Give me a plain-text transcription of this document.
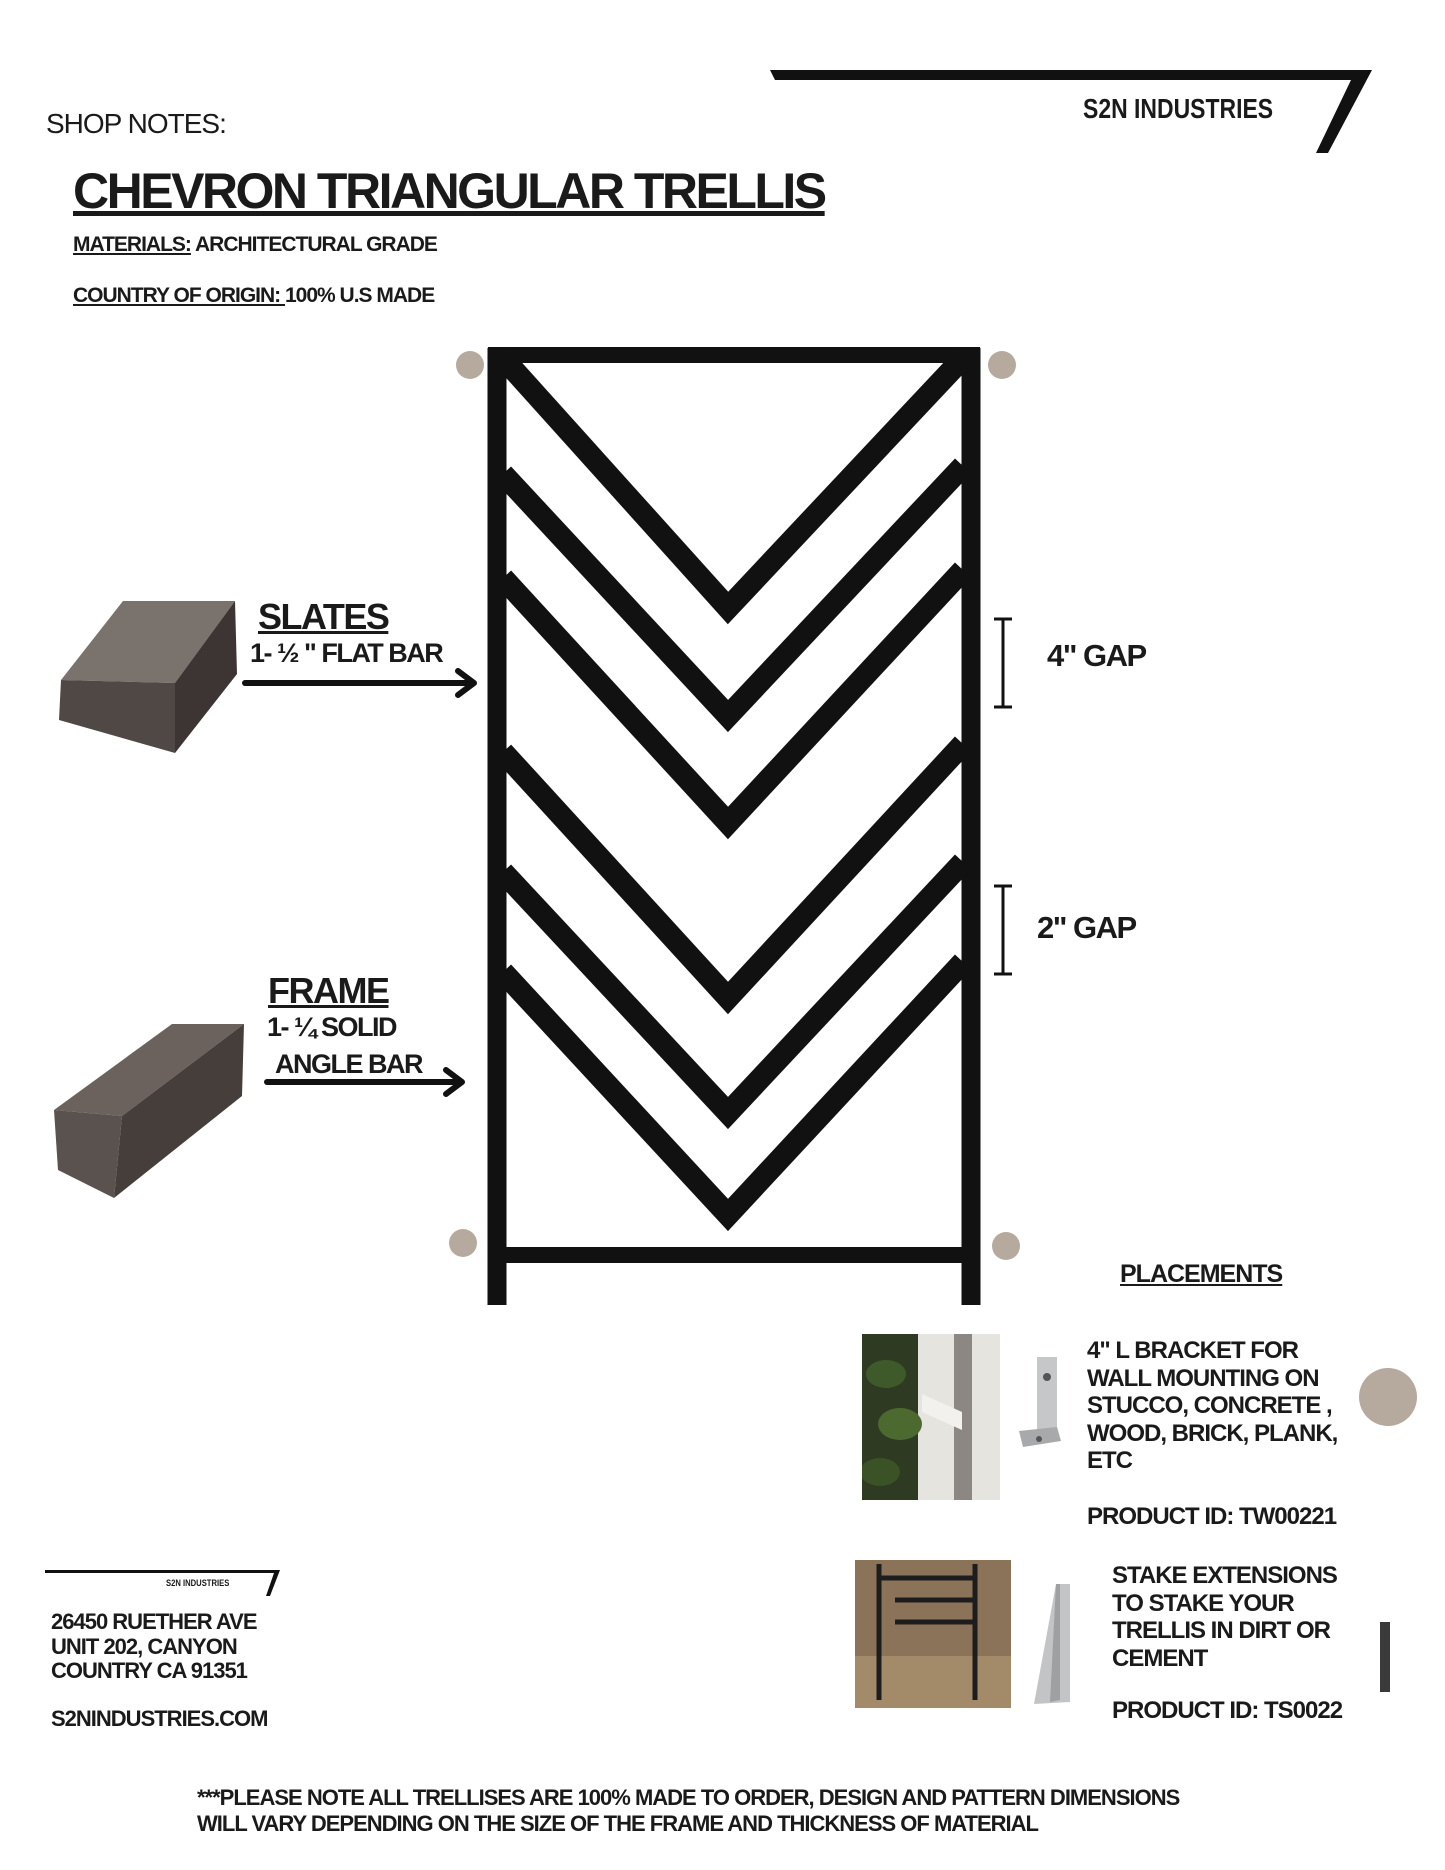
SHOP NOTES:
CHEVRON TRIANGULAR TRELLIS
MATERIALS: ARCHITECTURAL GRADE
COUNTRY OF ORIGIN: 100% U.S MADE
S2N INDUSTRIES
SLATES
1- ½ " FLAT BAR
FRAME
1- ¼ SOLID
ANGLE BAR
4" GAP
2" GAP
PLACEMENTS
4" L BRACKET FOR
WALL MOUNTING ON
STUCCO, CONCRETE ,
WOOD, BRICK, PLANK,
ETC
PRODUCT ID: TW00221
STAKE EXTENSIONS
TO STAKE YOUR
TRELLIS IN DIRT OR
CEMENT
PRODUCT ID: TS0022
S2N INDUSTRIES
26450 RUETHER AVE
UNIT 202, CANYON
COUNTRY CA 91351
S2NINDUSTRIES.COM
***PLEASE NOTE ALL TRELLISES ARE 100% MADE TO ORDER, DESIGN AND PATTERN DIMENSIONS
WILL VARY DEPENDING ON THE SIZE OF THE FRAME AND THICKNESS OF MATERIAL
